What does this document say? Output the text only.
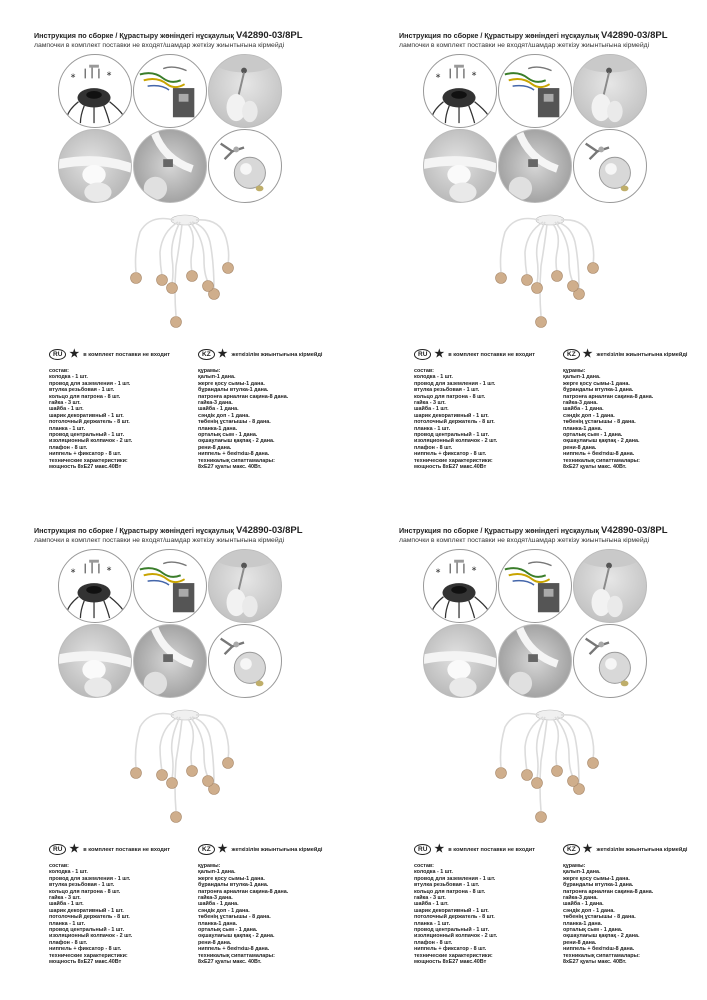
Инструкция по сборке / Құрастыру жөніндегі нұсқаулық V42890-03/8PL
лампочки в комплект поставки не входят/шамдар жеткізу жиынтығына кірмейді
*	*
RU ★ в комплект поставки не входит	KZ ★ жеткізілім жиынтығына кірмейді
состав:
колодка - 1 шт.
провод для заземления - 1 шт.
втулка резьбовая - 1 шт.
кольцо для патрона - 8 шт.
гайка - 3 шт.
шайба - 1 шт.
шарик декоративный - 1 шт.
потолочный держатель - 8 шт.
планка - 1 шт.
провод центральный - 1 шт.
изоляционный колпачок - 2 шт.
плафон - 8 шт.
ниппель + фиксатор - 8 шт.
технические характеристики:
мощность 8xE27 макс.40Вт
құрамы:
қалып-1 дана.
жерге қосу сымы-1 дана.
бұрандалы втулка-1 дана.
патронға арналған сақина-8 дана.
гайка-3 дана.
шайба - 1 дана.
сәндік доп - 1 дана.
төбенің ұстағышы - 8 дана.
планка-1 дана.
орталық сым - 1 дана.
оқшаулағыш қақпақ - 2 дана.
рени-8 дана.
ниппель + бекіткіш-8 дана.
техникалық сипаттамалары:
8xE27 қуаты макс. 40Вт.
Инструкция по сборке / Құрастыру жөніндегі нұсқаулық V42890-03/8PL
лампочки в комплект поставки не входят/шамдар жеткізу жиынтығына кірмейді
*	*
RU ★ в комплект поставки не входит	KZ ★ жеткізілім жиынтығына кірмейді
состав:
колодка - 1 шт.
провод для заземления - 1 шт.
втулка резьбовая - 1 шт.
кольцо для патрона - 8 шт.
гайка - 3 шт.
шайба - 1 шт.
шарик декоративный - 1 шт.
потолочный держатель - 8 шт.
планка - 1 шт.
провод центральный - 1 шт.
изоляционный колпачок - 2 шт.
плафон - 8 шт.
ниппель + фиксатор - 8 шт.
технические характеристики:
мощность 8xE27 макс.40Вт
құрамы:
қалып-1 дана.
жерге қосу сымы-1 дана.
бұрандалы втулка-1 дана.
патронға арналған сақина-8 дана.
гайка-3 дана.
шайба - 1 дана.
сәндік доп - 1 дана.
төбенің ұстағышы - 8 дана.
планка-1 дана.
орталық сым - 1 дана.
оқшаулағыш қақпақ - 2 дана.
рени-8 дана.
ниппель + бекіткіш-8 дана.
техникалық сипаттамалары:
8xE27 қуаты макс. 40Вт.
Инструкция по сборке / Құрастыру жөніндегі нұсқаулық V42890-03/8PL
лампочки в комплект поставки не входят/шамдар жеткізу жиынтығына кірмейді
*	*
RU ★ в комплект поставки не входит	KZ ★ жеткізілім жиынтығына кірмейді
состав:
колодка - 1 шт.
провод для заземления - 1 шт.
втулка резьбовая - 1 шт.
кольцо для патрона - 8 шт.
гайка - 3 шт.
шайба - 1 шт.
шарик декоративный - 1 шт.
потолочный держатель - 8 шт.
планка - 1 шт.
провод центральный - 1 шт.
изоляционный колпачок - 2 шт.
плафон - 8 шт.
ниппель + фиксатор - 8 шт.
технические характеристики:
мощность 8xE27 макс.40Вт
құрамы:
қалып-1 дана.
жерге қосу сымы-1 дана.
бұрандалы втулка-1 дана.
патронға арналған сақина-8 дана.
гайка-3 дана.
шайба - 1 дана.
сәндік доп - 1 дана.
төбенің ұстағышы - 8 дана.
планка-1 дана.
орталық сым - 1 дана.
оқшаулағыш қақпақ - 2 дана.
рени-8 дана.
ниппель + бекіткіш-8 дана.
техникалық сипаттамалары:
8xE27 қуаты макс. 40Вт.
Инструкция по сборке / Құрастыру жөніндегі нұсқаулық V42890-03/8PL
лампочки в комплект поставки не входят/шамдар жеткізу жиынтығына кірмейді
*	*
RU ★ в комплект поставки не входит	KZ ★ жеткізілім жиынтығына кірмейді
состав:
колодка - 1 шт.
провод для заземления - 1 шт.
втулка резьбовая - 1 шт.
кольцо для патрона - 8 шт.
гайка - 3 шт.
шайба - 1 шт.
шарик декоративный - 1 шт.
потолочный держатель - 8 шт.
планка - 1 шт.
провод центральный - 1 шт.
изоляционный колпачок - 2 шт.
плафон - 8 шт.
ниппель + фиксатор - 8 шт.
технические характеристики:
мощность 8xE27 макс.40Вт
құрамы:
қалып-1 дана.
жерге қосу сымы-1 дана.
бұрандалы втулка-1 дана.
патронға арналған сақина-8 дана.
гайка-3 дана.
шайба - 1 дана.
сәндік доп - 1 дана.
төбенің ұстағышы - 8 дана.
планка-1 дана.
орталық сым - 1 дана.
оқшаулағыш қақпақ - 2 дана.
рени-8 дана.
ниппель + бекіткіш-8 дана.
техникалық сипаттамалары:
8xE27 қуаты макс. 40Вт.
